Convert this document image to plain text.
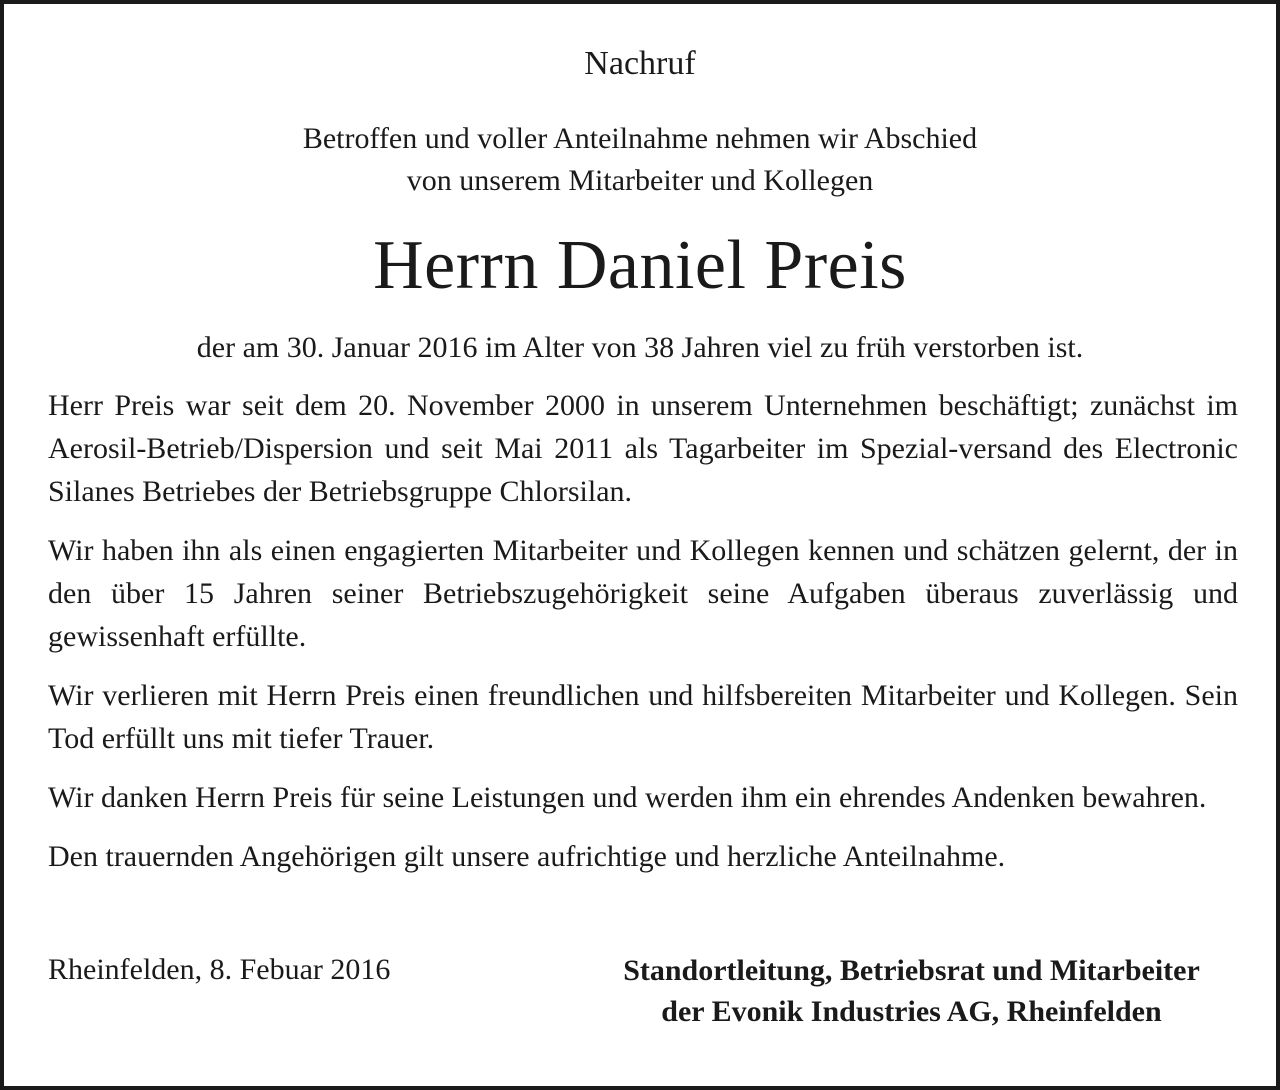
Nachruf
Betroffen und voller Anteilnahme nehmen wir Abschied
von unserem Mitarbeiter und Kollegen
Herrn Daniel Preis
der am 30. Januar 2016 im Alter von 38 Jahren viel zu früh verstorben ist.

Herr Preis war seit dem 20. November 2000 in unserem Unternehmen beschäftigt; zunächst im Aerosil-Betrieb/Dispersion und seit Mai 2011 als Tagarbeiter im Spezial-versand des Electronic Silanes Betriebes der Betriebsgruppe Chlorsilan.

Wir haben ihn als einen engagierten Mitarbeiter und Kollegen kennen und schätzen gelernt, der in den über 15 Jahren seiner Betriebszugehörigkeit seine Aufgaben überaus zuverlässig und gewissenhaft erfüllte.

Wir verlieren mit Herrn Preis einen freundlichen und hilfsbereiten Mitarbeiter und Kollegen. Sein Tod erfüllt uns mit tiefer Trauer.

Wir danken Herrn Preis für seine Leistungen und werden ihm ein ehrendes Andenken bewahren.

Den trauernden Angehörigen gilt unsere aufrichtige und herzliche Anteilnahme.

Rheinfelden, 8. Febuar 2016	Standortleitung, Betriebsrat und Mitarbeiter
der Evonik Industries AG, Rheinfelden
